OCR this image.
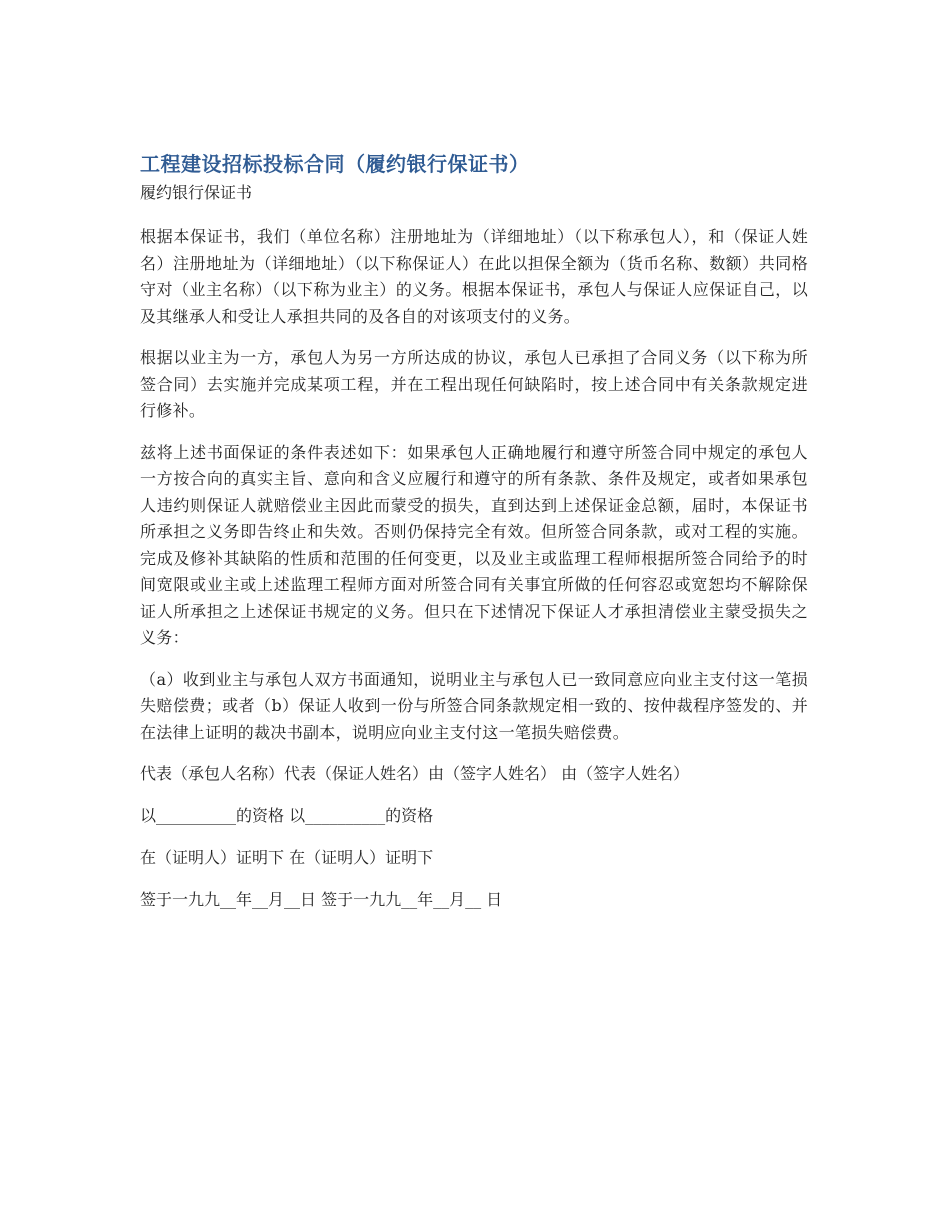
工程建设招标投标合同（履约银行保证书）

履约银行保证书

根据本保证书，我们（单位名称）注册地址为（详细地址）（以下称承包人），和（保证人姓名）注册地址为（详细地址）（以下称保证人）在此以担保全额为（货币名称、数额）共同格守对（业主名称）（以下称为业主）的义务。根据本保证书，承包人与保证人应保证自己，以及其继承人和受让人承担共同的及各自的对该项支付的义务。

根据以业主为一方，承包人为另一方所达成的协议，承包人已承担了合同义务（以下称为所签合同）去实施并完成某项工程，并在工程出现任何缺陷时，按上述合同中有关条款规定进行修补。

兹将上述书面保证的条件表述如下：如果承包人正确地履行和遵守所签合同中规定的承包人一方按合向的真实主旨、意向和含义应履行和遵守的所有条款、条件及规定，或者如果承包人违约则保证人就赔偿业主因此而蒙受的损失，直到达到上述保证金总额，届时，本保证书所承担之义务即告终止和失效。否则仍保持完全有效。但所签合同条款，或对工程的实施。完成及修补其缺陷的性质和范围的任何变更，以及业主或监理工程师根据所签合同给予的时间宽限或业主或上述监理工程师方面对所签合同有关事宜所做的任何容忍或宽恕均不解除保证人所承担之上述保证书规定的义务。但只在下述情况下保证人才承担清偿业主蒙受损失之义务：

（a）收到业主与承包人双方书面通知，说明业主与承包人已一致同意应向业主支付这一笔损失赔偿费；或者（b）保证人收到一份与所签合同条款规定相一致的、按仲裁程序签发的、并在法律上证明的裁决书副本，说明应向业主支付这一笔损失赔偿费。

代表（承包人名称）代表（保证人姓名）由（签字人姓名） 由（签字人姓名）

以__________的资格 以__________的资格

在（证明人）证明下 在（证明人）证明下

签于一九九__年__月__日 签于一九九__年__月__ 日
